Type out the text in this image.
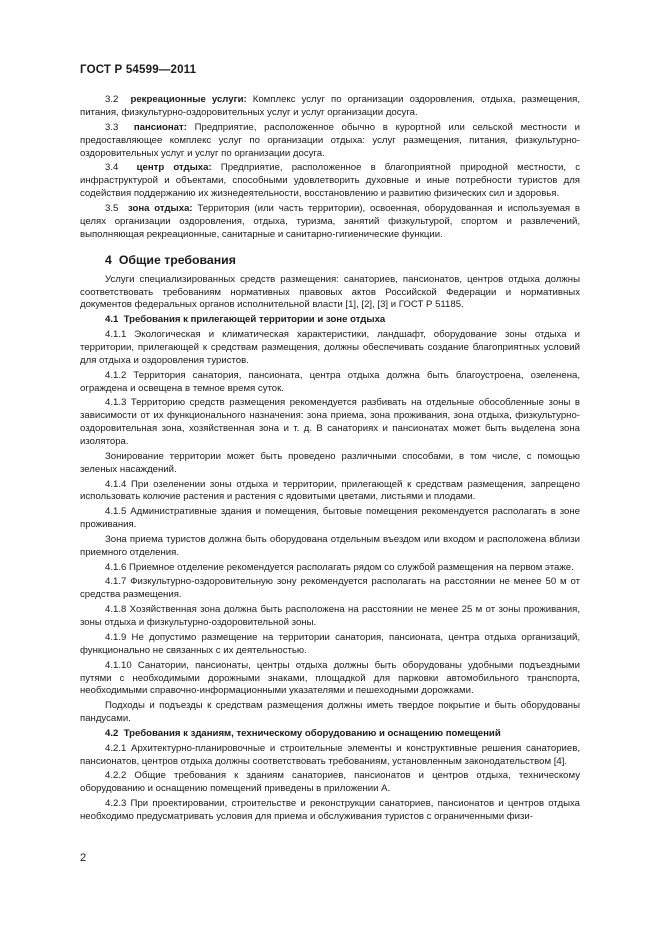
ГОСТ Р 54599—2011

3.2 рекреационные услуги: Комплекс услуг по организации оздоровления, отдыха, размещения, питания, физкультурно-оздоровительных услуг и услуг организации досуга.

3.3 пансионат: Предприятие, расположенное обычно в курортной или сельской местности и предоставляющее комплекс услуг по организации отдыха: услуг размещения, питания, физкультурно-оздоровительных услуг и услуг по организации досуга.

3.4 центр отдыха: Предприятие, расположенное в благоприятной природной местности, с инфраструктурой и объектами, способными удовлетворить духовные и иные потребности туристов для содействия поддержанию их жизнедеятельности, восстановлению и развитию физических сил и здоровья.

3.5 зона отдыха: Территория (или часть территории), освоенная, оборудованная и используемая в целях организации оздоровления, отдыха, туризма, занятий физкультурой, спортом и развлечений, выполняющая рекреационные, санитарные и санитарно-гигиенические функции.

4 Общие требования

Услуги специализированных средств размещения: санаториев, пансионатов, центров отдыха должны соответствовать требованиям нормативных правовых актов Российской Федерации и нормативных документов федеральных органов исполнительной власти [1], [2], [3] и ГОСТ Р 51185.

4.1 Требования к прилегающей территории и зоне отдыха

4.1.1 Экологическая и климатическая характеристики, ландшафт, оборудование зоны отдыха и территории, прилегающей к средствам размещения, должны обеспечивать создание благоприятных условий для отдыха и оздоровления туристов.

4.1.2 Территория санатория, пансионата, центра отдыха должна быть благоустроена, озеленена, ограждена и освещена в темное время суток.

4.1.3 Территорию средств размещения рекомендуется разбивать на отдельные обособленные зоны в зависимости от их функционального назначения: зона приема, зона проживания, зона отдыха, физкультурно-оздоровительная зона, хозяйственная зона и т. д. В санаториях и пансионатах может быть выделена зона изолятора.

Зонирование территории может быть проведено различными способами, в том числе, с помощью зеленых насаждений.

4.1.4 При озеленении зоны отдыха и территории, прилегающей к средствам размещения, запрещено использовать колючие растения и растения с ядовитыми цветами, листьями и плодами.

4.1.5 Административные здания и помещения, бытовые помещения рекомендуется располагать в зоне проживания.

Зона приема туристов должна быть оборудована отдельным въездом или входом и расположена вблизи приемного отделения.

4.1.6 Приемное отделение рекомендуется располагать рядом со службой размещения на первом этаже.

4.1.7 Физкультурно-оздоровительную зону рекомендуется располагать на расстоянии не менее 50 м от средства размещения.

4.1.8 Хозяйственная зона должна быть расположена на расстоянии не менее 25 м от зоны проживания, зоны отдыха и физкультурно-оздоровительной зоны.

4.1.9 Не допустимо размещение на территории санатория, пансионата, центра отдыха организаций, функционально не связанных с их деятельностью.

4.1.10 Санатории, пансионаты, центры отдыха должны быть оборудованы удобными подъездными путями с необходимыми дорожными знаками, площадкой для парковки автомобильного транспорта, необходимыми справочно-информационными указателями и пешеходными дорожками.

Подходы и подъезды к средствам размещения должны иметь твердое покрытие и быть оборудованы пандусами.

4.2 Требования к зданиям, техническому оборудованию и оснащению помещений

4.2.1 Архитектурно-планировочные и строительные элементы и конструктивные решения санаториев, пансионатов, центров отдыха должны соответствовать требованиям, установленным законодательством [4].

4.2.2 Общие требования к зданиям санаториев, пансионатов и центров отдыха, техническому оборудованию и оснащению помещений приведены в приложении А.

4.2.3 При проектировании, строительстве и реконструкции санаториев, пансионатов и центров отдыха необходимо предусматривать условия для приема и обслуживания туристов с ограниченными физи-

2
